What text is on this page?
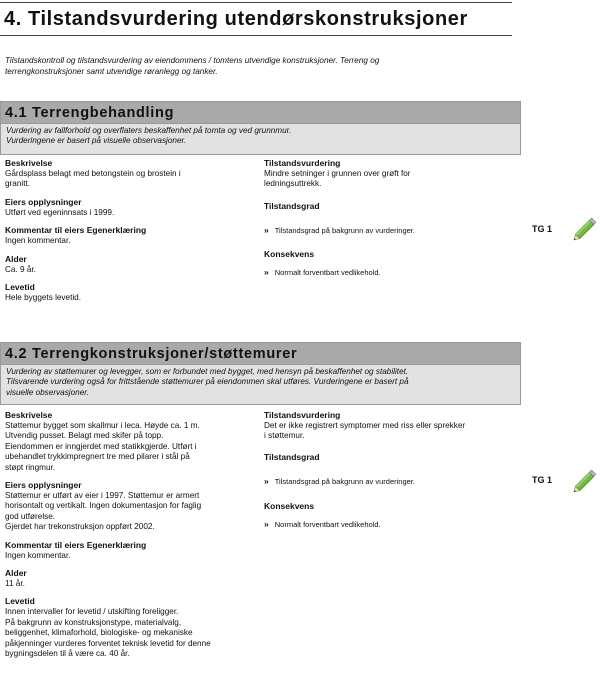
4. Tilstandsvurdering utendørskonstruksjoner
Tilstandskontroll og tilstandsvurdering av eiendommens / tomtens utvendige konstruksjoner. Terreng og
terrengkonstruksjoner samt utvendige røranlegg og tanker.
4.1 Terrengbehandling
Vurdering av fallforhold og overflaters beskaffenhet på tomta og ved grunnmur.
Vurderingene er basert på visuelle observasjoner.
Beskrivelse
Gårdsplass belagt med betongstein og brostein i
granitt.
Eiers opplysninger
Utført ved egeninnsats i 1999.
Kommentar til eiers Egenerklæring
Ingen kommentar.
Alder
Ca. 9 år.
Levetid
Hele byggets levetid.
Tilstandsvurdering
Mindre setninger i grunnen over grøft for
ledningsuttrekk.
Tilstandsgrad
» Tilstandsgrad på bakgrunn av vurderinger.
Konsekvens
» Normalt forventbart vedlikehold.
TG 1
4.2 Terrengkonstruksjoner/støttemurer
Vurdering av støttemurer og levegger, som er forbundet med bygget, med hensyn på beskaffenhet og stabilitet.
Tilsvarende vurdering også for frittstående støttemurer på eiendommen skal utføres. Vurderingene er basert på
visuelle observasjoner.
Beskrivelse
Støttemur bygget som skallmur i leca. Høyde ca. 1 m.
Utvendig pusset. Belagt med skifer på topp.
Eiendommen er inngjerdet med statikkgjerde. Utført i
ubehandlet trykkimpregnert tre med pilarer i stål på
støpt ringmur.
Eiers opplysninger
Støttemur er utført av eier i 1997. Støttemur er armert
horisontalt og vertikalt. Ingen dokumentasjon for faglig
god utførelse.
Gjerdet har trekonstruksjon oppført 2002.
Kommentar til eiers Egenerklæring
Ingen kommentar.
Alder
11 år.
Levetid
Innen intervaller for levetid / utskifting foreligger.
På bakgrunn av konstruksjonstype, materialvalg,
beliggenhet, klimaforhold, biologiske- og mekaniske
påkjenninger vurderes forventet teknisk levetid for denne
bygningsdelen til å være ca. 40 år.
Tilstandsvurdering
Det er ikke registrert symptomer med riss eller sprekker
i støttemur.
Tilstandsgrad
» Tilstandsgrad på bakgrunn av vurderinger.
Konsekvens
» Normalt forventbart vedlikehold.
TG 1
